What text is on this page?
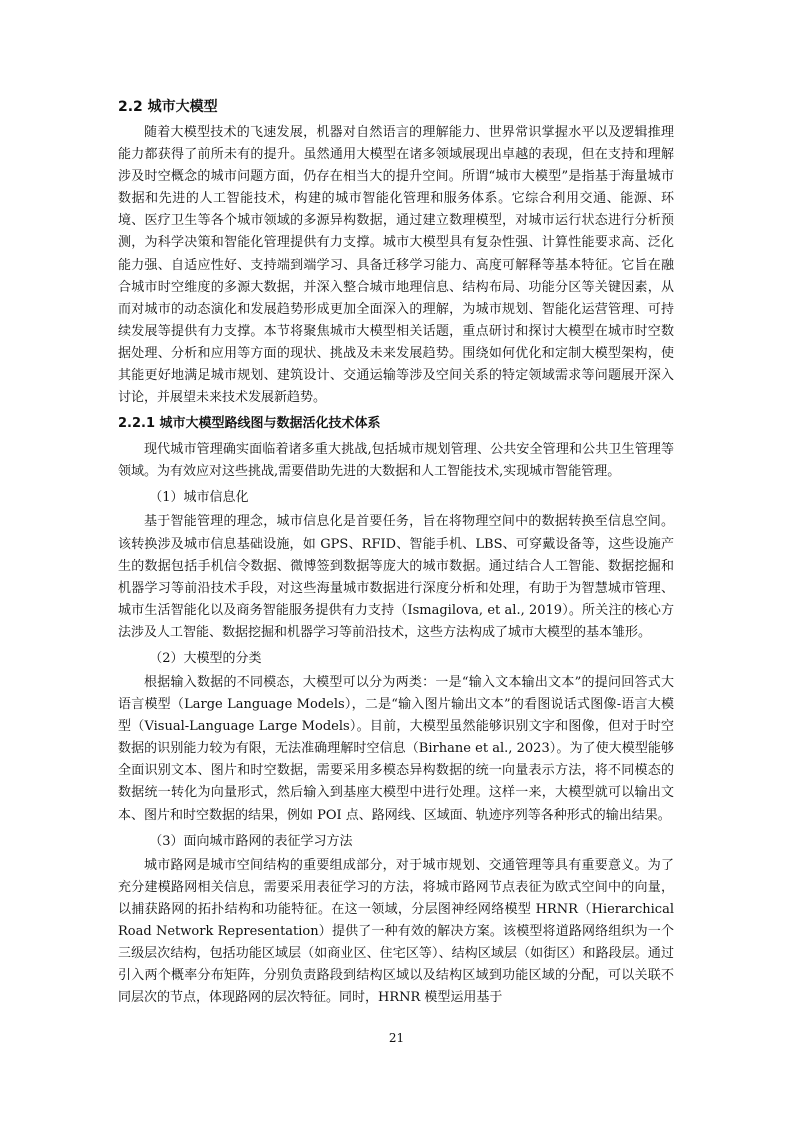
2.2 城市大模型

随着大模型技术的飞速发展，机器对自然语言的理解能力、世界常识掌握水平以及逻辑推理能力都获得了前所未有的提升。虽然通用大模型在诸多领域展现出卓越的表现，但在支持和理解涉及时空概念的城市问题方面，仍存在相当大的提升空间。所谓“城市大模型”是指基于海量城市数据和先进的人工智能技术，构建的城市智能化管理和服务体系。它综合利用交通、能源、环境、医疗卫生等各个城市领域的多源异构数据，通过建立数理模型，对城市运行状态进行分析预测，为科学决策和智能化管理提供有力支撑。城市大模型具有复杂性强、计算性能要求高、泛化能力强、自适应性好、支持端到端学习、具备迁移学习能力、高度可解释等基本特征。它旨在融合城市时空维度的多源大数据，并深入整合城市地理信息、结构布局、功能分区等关键因素，从而对城市的动态演化和发展趋势形成更加全面深入的理解，为城市规划、智能化运营管理、可持续发展等提供有力支撑。本节将聚焦城市大模型相关话题，重点研讨和探讨大模型在城市时空数据处理、分析和应用等方面的现状、挑战及未来发展趋势。围绕如何优化和定制大模型架构，使其能更好地满足城市规划、建筑设计、交通运输等涉及空间关系的特定领域需求等问题展开深入讨论，并展望未来技术发展新趋势。

2.2.1 城市大模型路线图与数据活化技术体系

现代城市管理确实面临着诸多重大挑战,包括城市规划管理、公共安全管理和公共卫生管理等领域。为有效应对这些挑战,需要借助先进的大数据和人工智能技术,实现城市智能管理。

（1）城市信息化

基于智能管理的理念，城市信息化是首要任务，旨在将物理空间中的数据转换至信息空间。该转换涉及城市信息基础设施，如 GPS、RFID、智能手机、LBS、可穿戴设备等，这些设施产生的数据包括手机信令数据、微博签到数据等庞大的城市数据。通过结合人工智能、数据挖掘和机器学习等前沿技术手段，对这些海量城市数据进行深度分析和处理，有助于为智慧城市管理、城市生活智能化以及商务智能服务提供有力支持（Ismagilova, et al., 2019）。所关注的核心方法涉及人工智能、数据挖掘和机器学习等前沿技术，这些方法构成了城市大模型的基本雏形。

（2）大模型的分类

根据输入数据的不同模态，大模型可以分为两类：一是“输入文本输出文本”的提问回答式大语言模型（Large Language Models），二是“输入图片输出文本”的看图说话式图像-语言大模型（Visual-Language Large Models）。目前，大模型虽然能够识别文字和图像，但对于时空数据的识别能力较为有限，无法准确理解时空信息（Birhane et al., 2023）。为了使大模型能够全面识别文本、图片和时空数据，需要采用多模态异构数据的统一向量表示方法，将不同模态的数据统一转化为向量形式，然后输入到基座大模型中进行处理。这样一来，大模型就可以输出文本、图片和时空数据的结果，例如 POI 点、路网线、区域面、轨迹序列等各种形式的输出结果。

（3）面向城市路网的表征学习方法

城市路网是城市空间结构的重要组成部分，对于城市规划、交通管理等具有重要意义。为了充分建模路网相关信息，需要采用表征学习的方法，将城市路网节点表征为欧式空间中的向量，以捕获路网的拓扑结构和功能特征。在这一领域，分层图神经网络模型 HRNR（Hierarchical Road Network Representation）提供了一种有效的解决方案。该模型将道路网络组织为一个三级层次结构，包括功能区域层（如商业区、住宅区等）、结构区域层（如街区）和路段层。通过引入两个概率分布矩阵，分别负责路段到结构区域以及结构区域到功能区域的分配，可以关联不同层次的节点，体现路网的层次特征。同时，HRNR 模型运用基于

21
